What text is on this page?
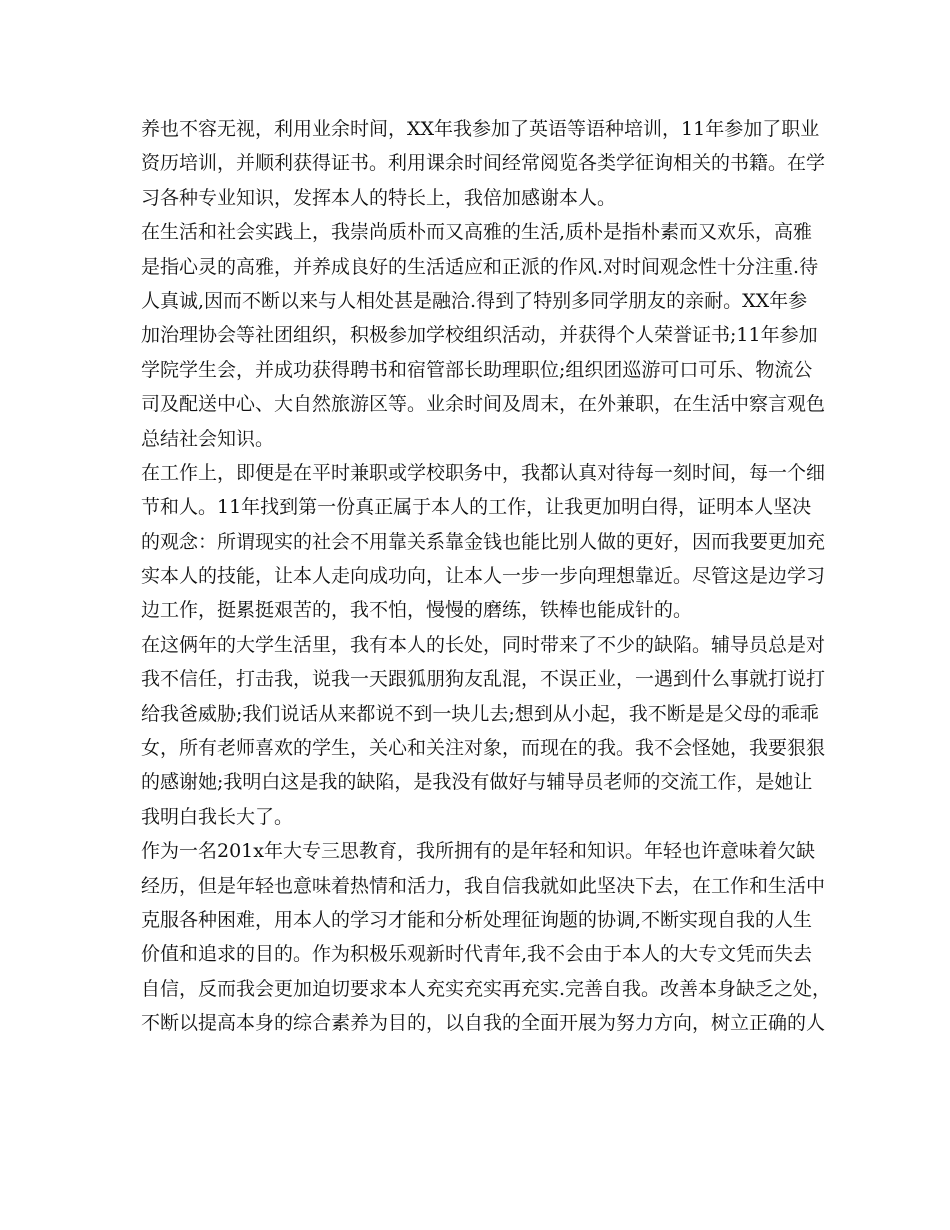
养也不容无视，利用业余时间，XX年我参加了英语等语种培训，11年参加了职业
资历培训，并顺利获得证书。利用课余时间经常阅览各类学征询相关的书籍。在学
习各种专业知识，发挥本人的特长上，我倍加感谢本人。
在生活和社会实践上，我崇尚质朴而又高雅的生活,质朴是指朴素而又欢乐，高雅
是指心灵的高雅，并养成良好的生活适应和正派的作风.对时间观念性十分注重.待
人真诚,因而不断以来与人相处甚是融洽.得到了特别多同学朋友的亲耐。XX年参
加治理协会等社团组织，积极参加学校组织活动，并获得个人荣誉证书;11年参加
学院学生会，并成功获得聘书和宿管部长助理职位;组织团巡游可口可乐、物流公
司及配送中心、大自然旅游区等。业余时间及周末，在外兼职，在生活中察言观色
总结社会知识。
在工作上，即便是在平时兼职或学校职务中，我都认真对待每一刻时间，每一个细
节和人。11年找到第一份真正属于本人的工作，让我更加明白得，证明本人坚决
的观念：所谓现实的社会不用靠关系靠金钱也能比别人做的更好，因而我要更加充
实本人的技能，让本人走向成功向，让本人一步一步向理想靠近。尽管这是边学习
边工作，挺累挺艰苦的，我不怕，慢慢的磨练，铁棒也能成针的。
在这俩年的大学生活里，我有本人的长处，同时带来了不少的缺陷。辅导员总是对
我不信任，打击我，说我一天跟狐朋狗友乱混，不误正业，一遇到什么事就打说打
给我爸威胁;我们说话从来都说不到一块儿去;想到从小起，我不断是是父母的乖乖
女，所有老师喜欢的学生，关心和关注对象，而现在的我。我不会怪她，我要狠狠
的感谢她;我明白这是我的缺陷，是我没有做好与辅导员老师的交流工作，是她让
我明白我长大了。
作为一名201x年大专三思教育，我所拥有的是年轻和知识。年轻也许意味着欠缺
经历，但是年轻也意味着热情和活力，我自信我就如此坚决下去，在工作和生活中
克服各种困难，用本人的学习才能和分析处理征询题的协调,不断实现自我的人生
价值和追求的目的。作为积极乐观新时代青年,我不会由于本人的大专文凭而失去
自信，反而我会更加迫切要求本人充实充实再充实.完善自我。改善本身缺乏之处，
不断以提高本身的综合素养为目的，以自我的全面开展为努力方向，树立正确的人
